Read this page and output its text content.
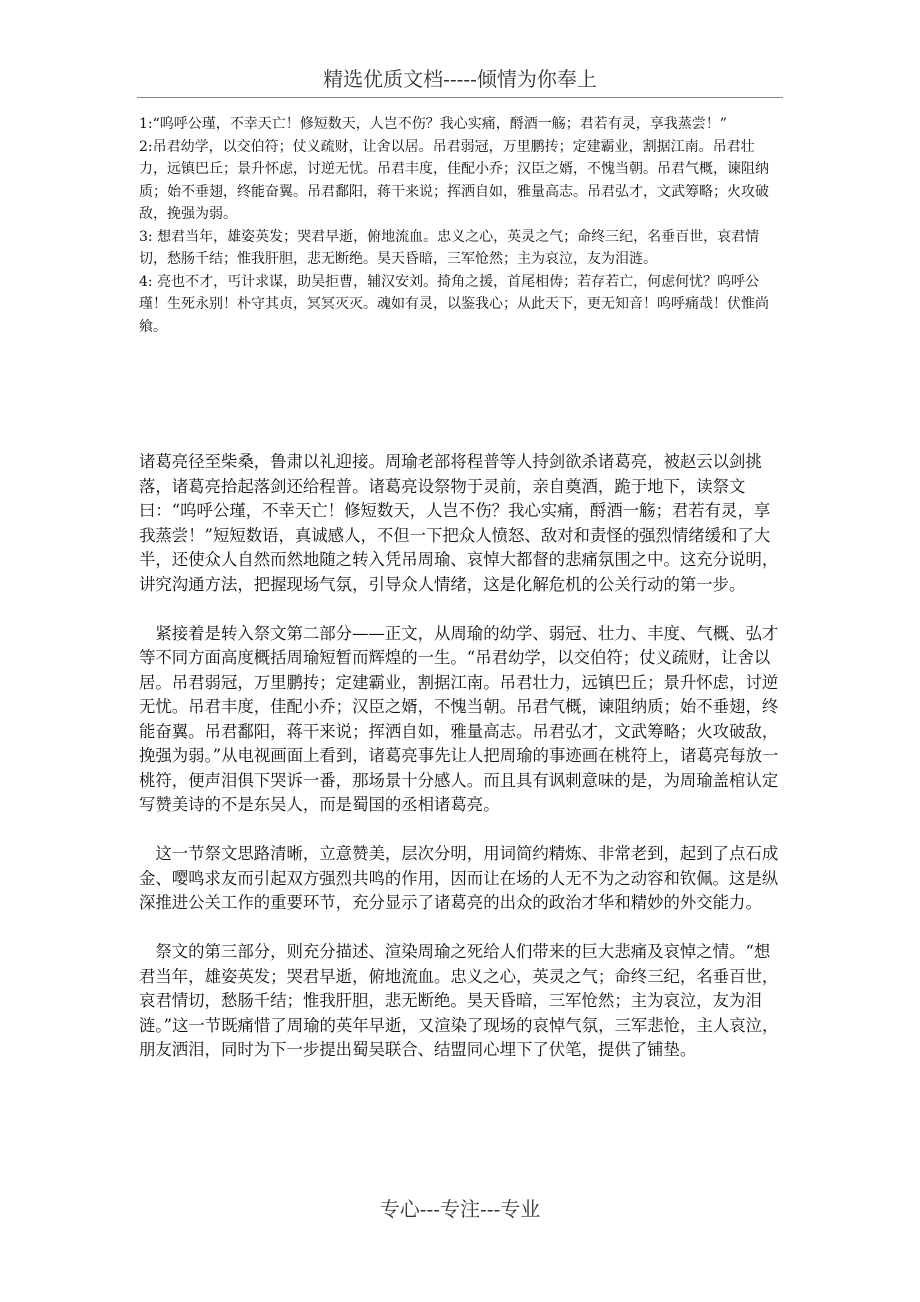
精选优质文档-----倾情为你奉上

1:“呜呼公瑾，不幸天亡！修短数天，人岂不伤？我心实痛，酹酒一觞；君若有灵，享我蒸尝！”

2:吊君幼学，以交伯符；仗义疏财，让舍以居。吊君弱冠，万里鹏抟；定建霸业，割据江南。吊君壮力，远镇巴丘；景升怀虑，讨逆无忧。吊君丰度，佳配小乔；汉臣之婿，不愧当朝。吊君气概，谏阻纳质；始不垂翅，终能奋翼。吊君鄱阳，蒋干来说；挥洒自如，雅量高志。吊君弘才，文武筹略；火攻破敌，挽强为弱。

3: 想君当年，雄姿英发；哭君早逝，俯地流血。忠义之心，英灵之气；命终三纪，名垂百世，哀君情切，愁肠千结；惟我肝胆，悲无断绝。昊天昏暗，三军怆然；主为哀泣，友为泪涟。

4: 亮也不才，丐计求谋，助吴拒曹，辅汉安刘。掎角之援，首尾相俦；若存若亡，何虑何忧？呜呼公瑾！生死永别！朴守其贞，冥冥灭灭。魂如有灵，以鉴我心；从此天下，更无知音！呜呼痛哉！伏惟尚飨。

诸葛亮径至柴桑，鲁肃以礼迎接。周瑜老部将程普等人持剑欲杀诸葛亮，被赵云以剑挑落，诸葛亮拾起落剑还给程普。诸葛亮设祭物于灵前，亲自奠酒，跪于地下，读祭文曰：“呜呼公瑾，不幸天亡！修短数天，人岂不伤？我心实痛，酹酒一觞；君若有灵，享我蒸尝！”短短数语，真诚感人，不但一下把众人愤怒、敌对和责怪的强烈情绪缓和了大半，还使众人自然而然地随之转入凭吊周瑜、哀悼大都督的悲痛氛围之中。这充分说明，讲究沟通方法，把握现场气氛，引导众人情绪，这是化解危机的公关行动的第一步。

紧接着是转入祭文第二部分——正文，从周瑜的幼学、弱冠、壮力、丰度、气概、弘才等不同方面高度概括周瑜短暂而辉煌的一生。“吊君幼学，以交伯符；仗义疏财，让舍以居。吊君弱冠，万里鹏抟；定建霸业，割据江南。吊君壮力，远镇巴丘；景升怀虑，讨逆无忧。吊君丰度，佳配小乔；汉臣之婿，不愧当朝。吊君气概，谏阻纳质；始不垂翅，终能奋翼。吊君鄱阳，蒋干来说；挥洒自如，雅量高志。吊君弘才，文武筹略；火攻破敌，挽强为弱。”从电视画面上看到，诸葛亮事先让人把周瑜的事迹画在桃符上，诸葛亮每放一桃符，便声泪俱下哭诉一番，那场景十分感人。而且具有讽刺意味的是，为周瑜盖棺认定写赞美诗的不是东吴人，而是蜀国的丞相诸葛亮。

这一节祭文思路清晰，立意赞美，层次分明，用词简约精炼、非常老到，起到了点石成金、嘤鸣求友而引起双方强烈共鸣的作用，因而让在场的人无不为之动容和钦佩。这是纵深推进公关工作的重要环节，充分显示了诸葛亮的出众的政治才华和精妙的外交能力。

祭文的第三部分，则充分描述、渲染周瑜之死给人们带来的巨大悲痛及哀悼之情。“想君当年，雄姿英发；哭君早逝，俯地流血。忠义之心，英灵之气；命终三纪，名垂百世，哀君情切，愁肠千结；惟我肝胆，悲无断绝。昊天昏暗，三军怆然；主为哀泣，友为泪涟。”这一节既痛惜了周瑜的英年早逝，又渲染了现场的哀悼气氛，三军悲怆，主人哀泣，朋友洒泪，同时为下一步提出蜀吴联合、结盟同心埋下了伏笔，提供了铺垫。

专心---专注---专业
